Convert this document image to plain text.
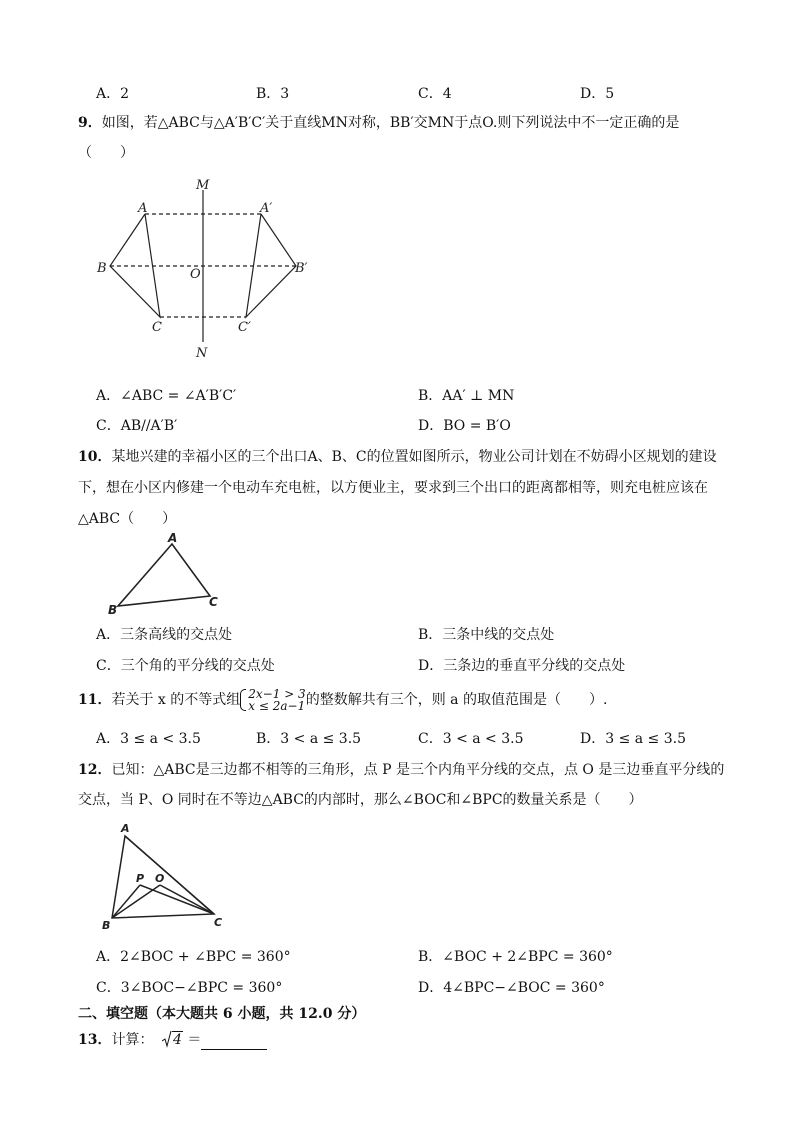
A．2	B．3	C．4	D．5
9．如图，若△ABC与△A′B′C′关于直线MN对称，BB′交MN于点O.则下列说法中不一定正确的是
（　　）
M
N
A	A′
B	B′
O
C	C′
A．∠ABC = ∠A′B′C′	B．AA′ ⊥ MN
C．AB//A′B′	D．BO = B′O
10．某地兴建的幸福小区的三个出口A、B、C的位置如图所示，物业公司计划在不妨碍小区规划的建设
下，想在小区内修建一个电动车充电桩，以方便业主，要求到三个出口的距离都相等，则充电桩应该在
△ABC（　　）
A
B
C
A．三条高线的交点处	B．三条中线的交点处
C．三个角的平分线的交点处	D．三条边的垂直平分线的交点处
11．若关于 x 的不等式组 2x−1 > 3
x ≤ 2a−1 的整数解共有三个，则 a 的取值范围是（　　）.
A．3 ≤ a < 3.5	B．3 < a ≤ 3.5	C．3 < a < 3.5	D．3 ≤ a ≤ 3.5
12．已知：△ABC是三边都不相等的三角形，点 P 是三个内角平分线的交点，点 O 是三边垂直平分线的
交点，当 P、O 同时在不等边△ABC的内部时，那么∠BOC和∠BPC的数量关系是（　　）
A
B	C
P O
A．2∠BOC + ∠BPC = 360°	B．∠BOC + 2∠BPC = 360°
C．3∠BOC−∠BPC = 360°	D．4∠BPC−∠BOC = 360°
二、填空题（本大题共 6 小题，共 12.0 分）
13．计算： 4 ＝
